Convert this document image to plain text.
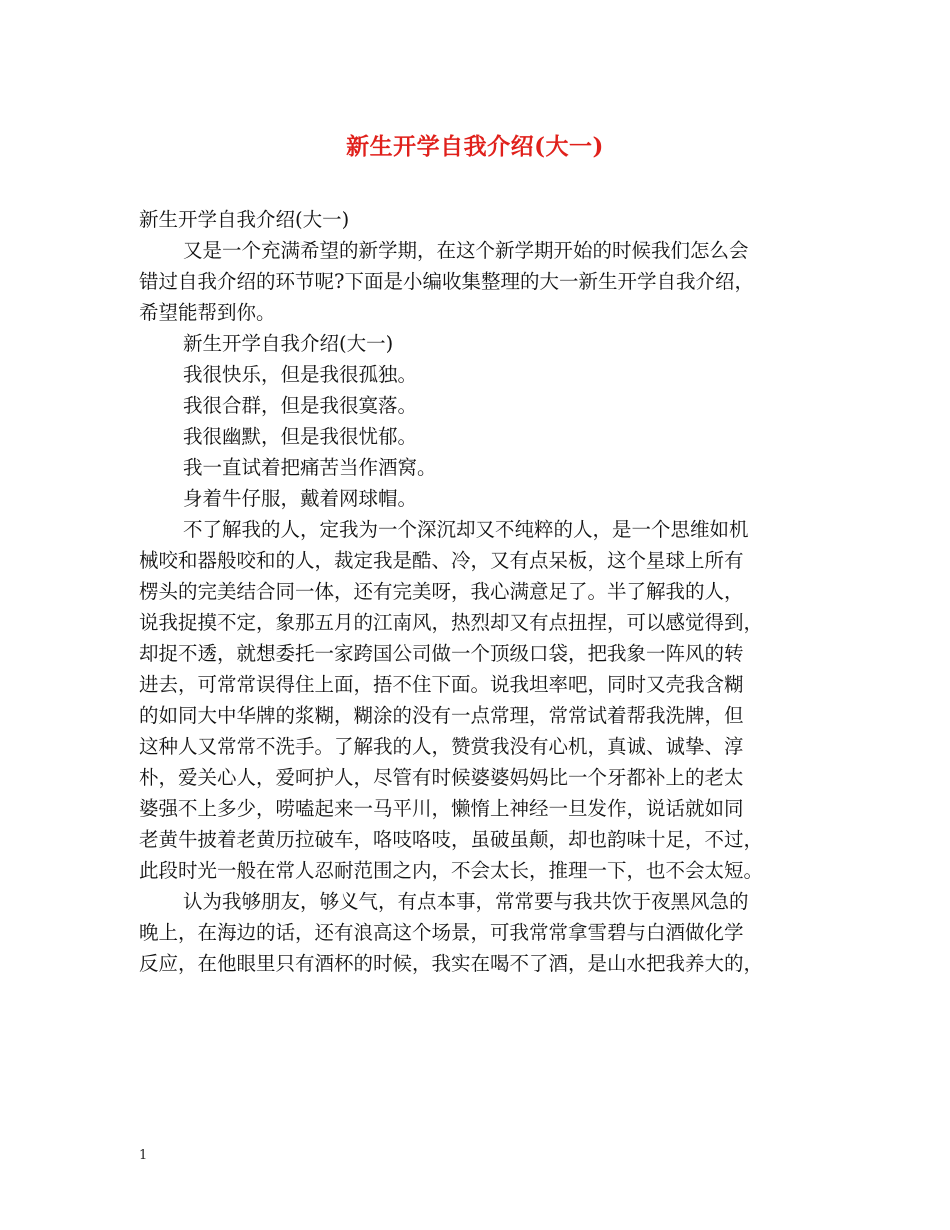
新生开学自我介绍(大一)
新生开学自我介绍(大一)
又是一个充满希望的新学期，在这个新学期开始的时候我们怎么会
错过自我介绍的环节呢?下面是小编收集整理的大一新生开学自我介绍，
希望能帮到你。
新生开学自我介绍(大一)
我很快乐，但是我很孤独。
我很合群，但是我很寞落。
我很幽默，但是我很忧郁。
我一直试着把痛苦当作酒窝。
身着牛仔服，戴着网球帽。
不了解我的人，定我为一个深沉却又不纯粹的人，是一个思维如机
械咬和器般咬和的人，裁定我是酷、冷，又有点呆板，这个星球上所有
楞头的完美结合同一体，还有完美呀，我心满意足了。半了解我的人，
说我捉摸不定，象那五月的江南风，热烈却又有点扭捏，可以感觉得到，
却捉不透，就想委托一家跨国公司做一个顶级口袋，把我象一阵风的转
进去，可常常误得住上面，捂不住下面。说我坦率吧，同时又壳我含糊
的如同大中华牌的浆糊，糊涂的没有一点常理，常常试着帮我洗牌，但
这种人又常常不洗手。了解我的人，赞赏我没有心机，真诚、诚挚、淳
朴，爱关心人，爱呵护人，尽管有时候婆婆妈妈比一个牙都补上的老太
婆强不上多少，唠嗑起来一马平川，懒惰上神经一旦发作，说话就如同
老黄牛披着老黄历拉破车，咯吱咯吱，虽破虽颠，却也韵味十足，不过，
此段时光一般在常人忍耐范围之内，不会太长，推理一下，也不会太短。
认为我够朋友，够义气，有点本事，常常要与我共饮于夜黑风急的
晚上，在海边的话，还有浪高这个场景，可我常常拿雪碧与白酒做化学
反应，在他眼里只有酒杯的时候，我实在喝不了酒，是山水把我养大的，
1
